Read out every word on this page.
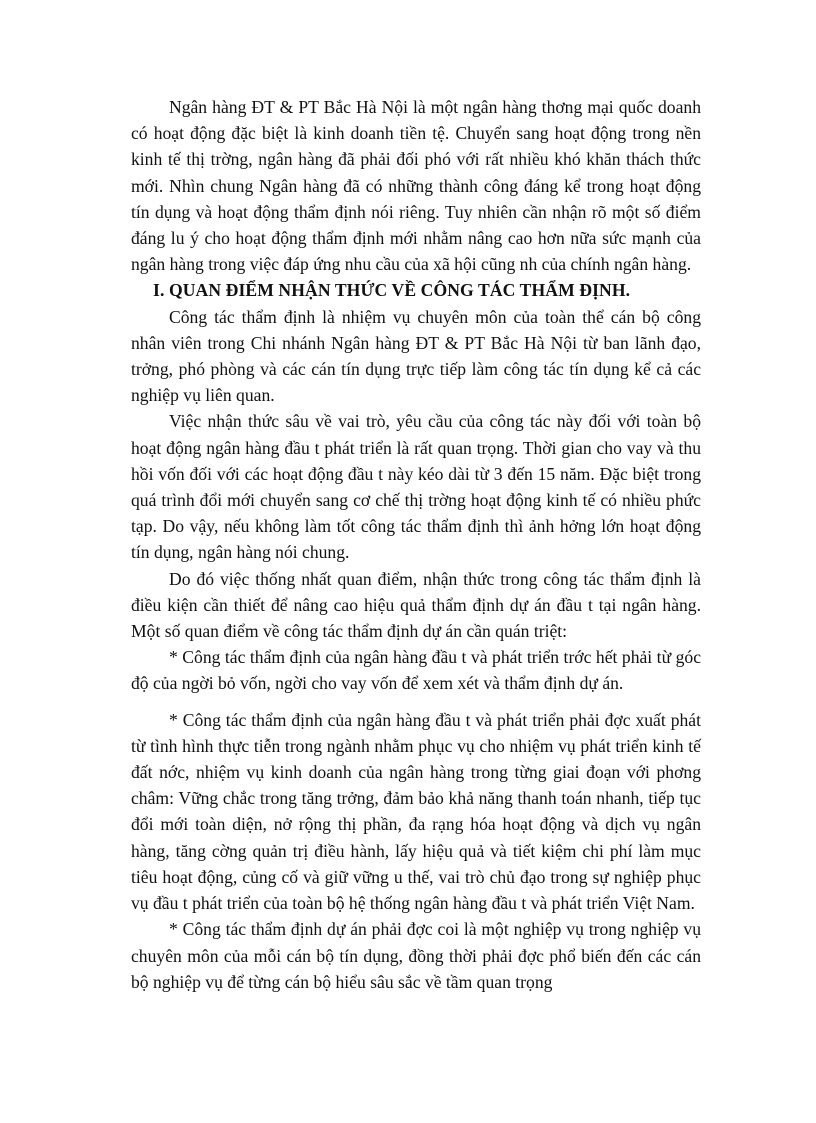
Ngân hàng ĐT & PT Bắc Hà Nội là một ngân hàng thơng mại quốc doanh có hoạt động đặc biệt là kinh doanh tiền tệ. Chuyển sang hoạt động trong nền kinh tế thị trờng, ngân hàng đã phải đối phó với rất nhiều khó khăn thách thức mới. Nhìn chung Ngân hàng đã có những thành công đáng kể trong hoạt động tín dụng và hoạt động thẩm định nói riêng. Tuy nhiên cần nhận rõ một số điểm đáng lu ý cho hoạt động thẩm định mới nhằm nâng cao hơn nữa sức mạnh của ngân hàng trong việc đáp ứng nhu cầu của xã hội cũng nh của chính ngân hàng.

I. QUAN ĐIỂM NHẬN THỨC VỀ CÔNG TÁC THẨM ĐỊNH.

Công tác thẩm định là nhiệm vụ chuyên môn của toàn thể cán bộ công nhân viên trong Chi nhánh Ngân hàng ĐT & PT Bắc Hà Nội từ ban lãnh đạo, trởng, phó phòng và các cán tín dụng trực tiếp làm công tác tín dụng kể cả các nghiệp vụ liên quan.

Việc nhận thức sâu về vai trò, yêu cầu của công tác này đối với toàn bộ hoạt động ngân hàng đầu t phát triển là rất quan trọng. Thời gian cho vay và thu hồi vốn đối với các hoạt động đầu t này kéo dài từ 3 đến 15 năm. Đặc biệt trong quá trình đổi mới chuyển sang cơ chế thị trờng hoạt động kinh tế có nhiều phức tạp. Do vậy, nếu không làm tốt công tác thẩm định thì ảnh hởng lớn hoạt động tín dụng, ngân hàng nói chung.

Do đó việc thống nhất quan điểm, nhận thức trong công tác thẩm định là điều kiện cần thiết để nâng cao hiệu quả thẩm định dự án đầu t tại ngân hàng. Một số quan điểm về công tác thẩm định dự án cần quán triệt:

* Công tác thẩm định của ngân hàng đầu t và phát triển trớc hết phải từ góc độ của ngời bỏ vốn, ngời cho vay vốn để xem xét và thẩm định dự án.

* Công tác thẩm định của ngân hàng đầu t và phát triển phải đợc xuất phát từ tình hình thực tiễn trong ngành nhằm phục vụ cho nhiệm vụ phát triển kinh tế đất nớc, nhiệm vụ kinh doanh của ngân hàng trong từng giai đoạn với phơng châm: Vững chắc trong tăng trởng, đảm bảo khả năng thanh toán nhanh, tiếp tục đổi mới toàn diện, nở rộng thị phần, đa rạng hóa hoạt động và dịch vụ ngân hàng, tăng cờng quản trị điều hành, lấy hiệu quả và tiết kiệm chi phí làm mục tiêu hoạt động, củng cố và giữ vững u thế, vai trò chủ đạo trong sự nghiệp phục vụ đầu t phát triển của toàn bộ hệ thống ngân hàng đầu t và phát triển Việt Nam.

* Công tác thẩm định dự án phải đợc coi là một nghiệp vụ trong nghiệp vụ chuyên môn của mỗi cán bộ tín dụng, đồng thời phải đợc phổ biến đến các cán bộ nghiệp vụ để từng cán bộ hiểu sâu sắc về tầm quan trọng
